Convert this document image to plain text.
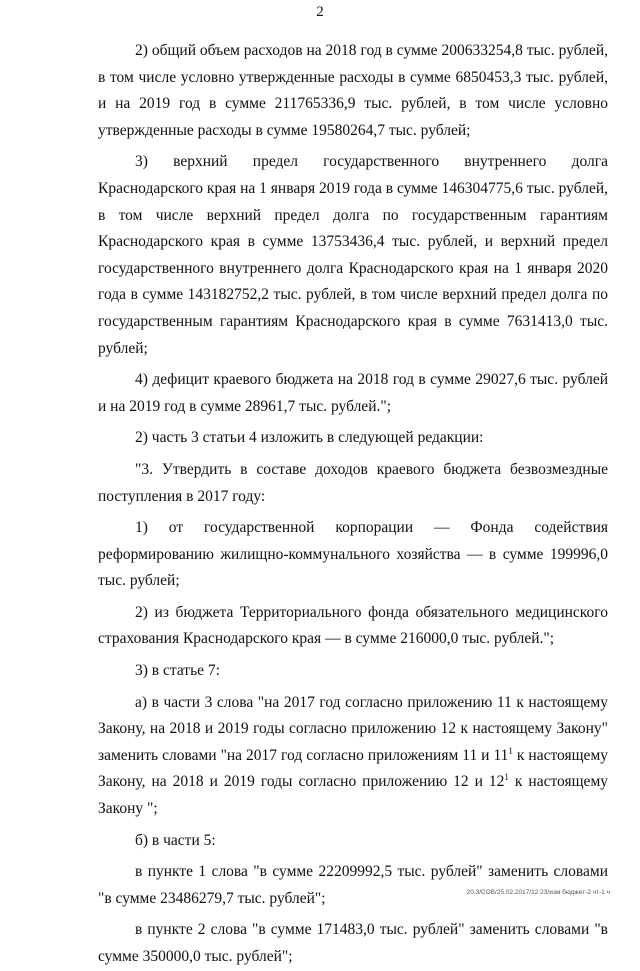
2

2) общий объем расходов на 2018 год в сумме 200633254,8 тыс. рублей, в том числе условно утвержденные расходы в сумме 6850453,3 тыс. рублей, и на 2019 год в сумме 211765336,9 тыс. рублей, в том числе условно утвержденные расходы в сумме 19580264,7 тыс. рублей;

3) верхний предел государственного внутреннего долга Краснодарского края на 1 января 2019 года в сумме 146304775,6 тыс. рублей, в том числе верхний предел долга по государственным гарантиям Краснодарского края в сумме 13753436,4 тыс. рублей, и верхний предел государственного внутреннего долга Краснодарского края на 1 января 2020 года в сумме 143182752,2 тыс. рублей, в том числе верхний предел долга по государственным гарантиям Краснодарского края в сумме 7631413,0 тыс. рублей;

4) дефицит краевого бюджета на 2018 год в сумме 29027,6 тыс. рублей и на 2019 год в сумме 28961,7 тыс. рублей.";

2) часть 3 статьи 4 изложить в следующей редакции:

"3. Утвердить в составе доходов краевого бюджета безвозмездные поступления в 2017 году:

1) от государственной корпорации — Фонда содействия реформированию жилищно-коммунального хозяйства — в сумме 199996,0 тыс. рублей;

2) из бюджета Территориального фонда обязательного медицинского страхования Краснодарского края — в сумме 216000,0 тыс. рублей.";

3) в статье 7:

а) в части 3 слова "на 2017 год согласно приложению 11 к настоящему Закону, на 2018 и 2019 годы согласно приложению 12 к настоящему Закону" заменить словами "на 2017 год согласно приложениям 11 и $11^1$ к настоящему Закону, на 2018 и 2019 годы согласно приложению 12 и $12^1$ к настоящему Закону ";

б) в части 5:

в пункте 1 слова "в сумме 22209992,5 тыс. рублей" заменить словами "в сумме 23486279,7 тыс. рублей";

в пункте 2 слова "в сумме 171483,0 тыс. рублей" заменить словами "в сумме 350000,0 тыс. рублей";

20.3/СОВ/25.02.2017/12:23/изм бюджет-2 чт-1 ч
